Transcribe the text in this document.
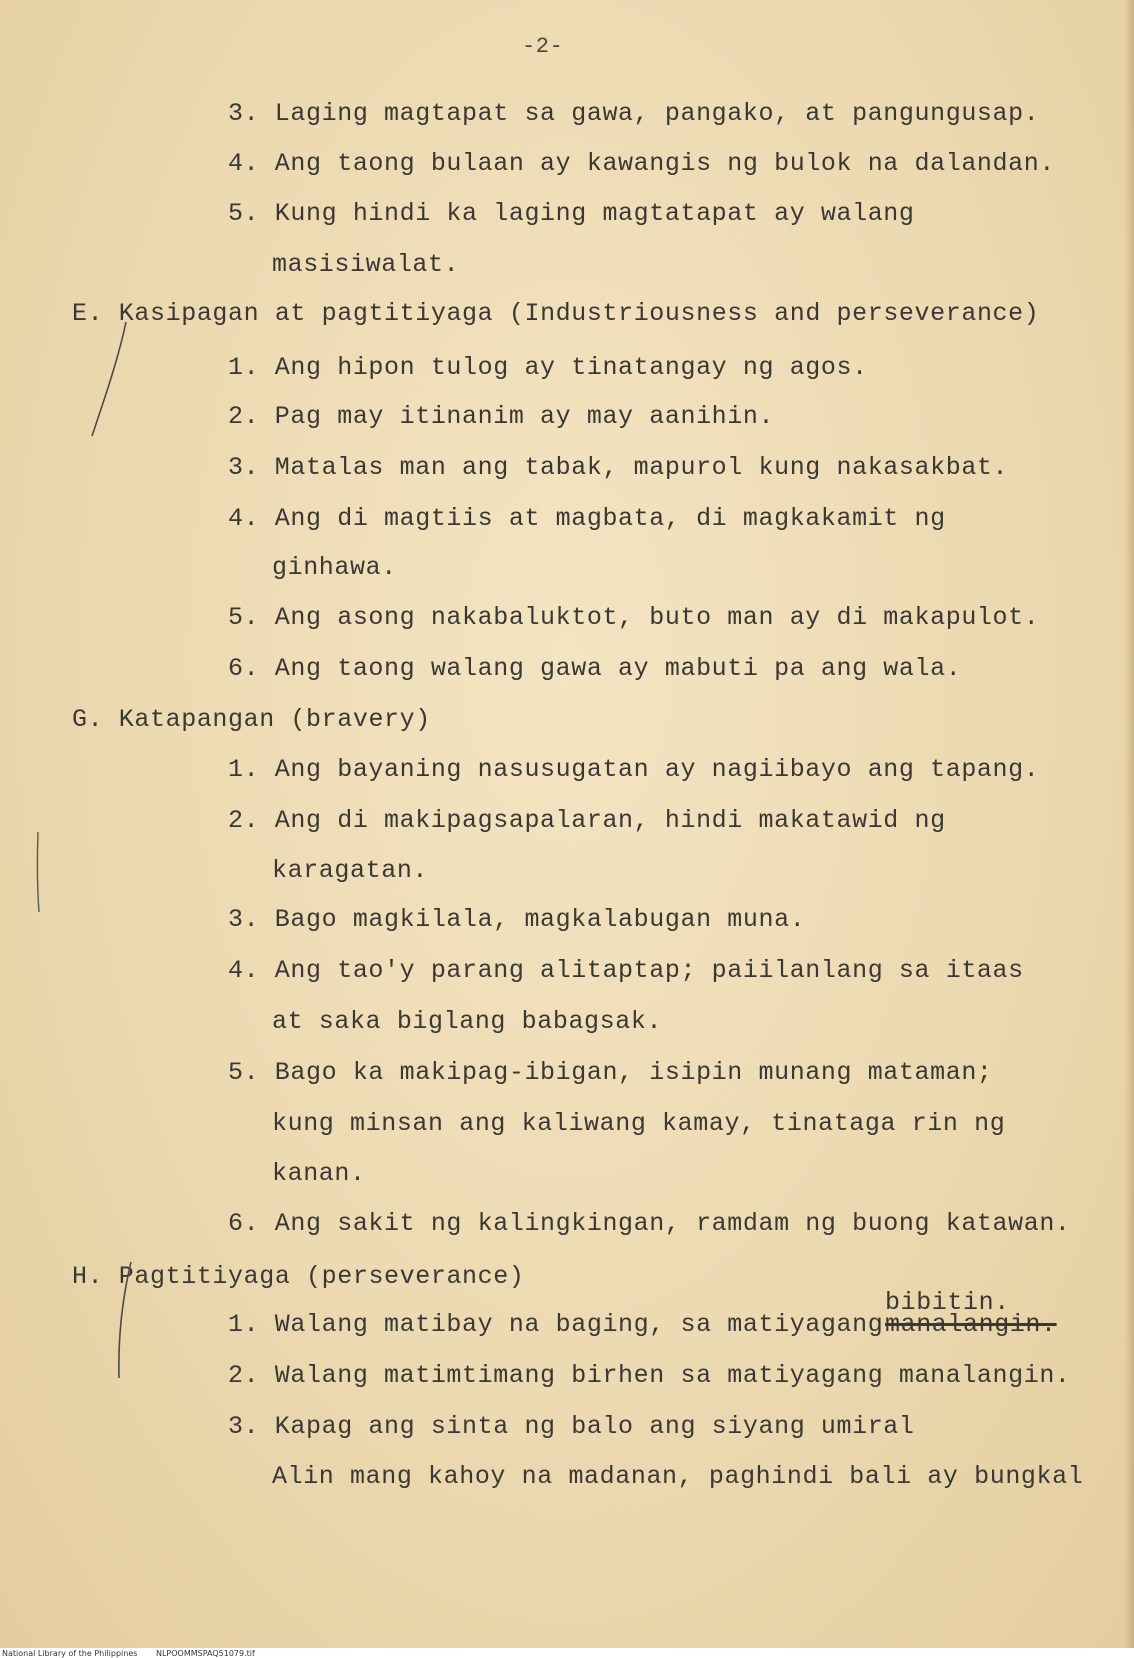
-2-
3. Laging magtapat sa gawa, pangako, at pangungusap.
4. Ang taong bulaan ay kawangis ng bulok na dalandan.
5. Kung hindi ka laging magtatapat ay walang
masisiwalat.
E. Kasipagan at pagtitiyaga (Industriousness and perseverance)
1. Ang hipon tulog ay tinatangay ng agos.
2. Pag may itinanim ay may aanihin.
3. Matalas man ang tabak, mapurol kung nakasakbat.
4. Ang di magtiis at magbata, di magkakamit ng
ginhawa.
5. Ang asong nakabaluktot, buto man ay di makapulot.
6. Ang taong walang gawa ay mabuti pa ang wala.
G. Katapangan (bravery)
1. Ang bayaning nasusugatan ay nagiibayo ang tapang.
2. Ang di makipagsapalaran, hindi makatawid ng
karagatan.
3. Bago magkilala, magkalabugan muna.
4. Ang tao'y parang alitaptap; paiilanlang sa itaas
at saka biglang babagsak.
5. Bago ka makipag-ibigan, isipin munang mataman;
kung minsan ang kaliwang kamay, tinataga rin ng
kanan.
6. Ang sakit ng kalingkingan, ramdam ng buong katawan.
H. Pagtitiyaga (perseverance)
bibitin.
1. Walang matibay na baging, sa matiyagang manalangin.
2. Walang matimtimang birhen sa matiyagang manalangin.
3. Kapag ang sinta ng balo ang siyang umiral
Alin mang kahoy na madanan, paghindi bali ay bungkal
National Library of the Philippines NLPOOMMSPAQ51079.tif
